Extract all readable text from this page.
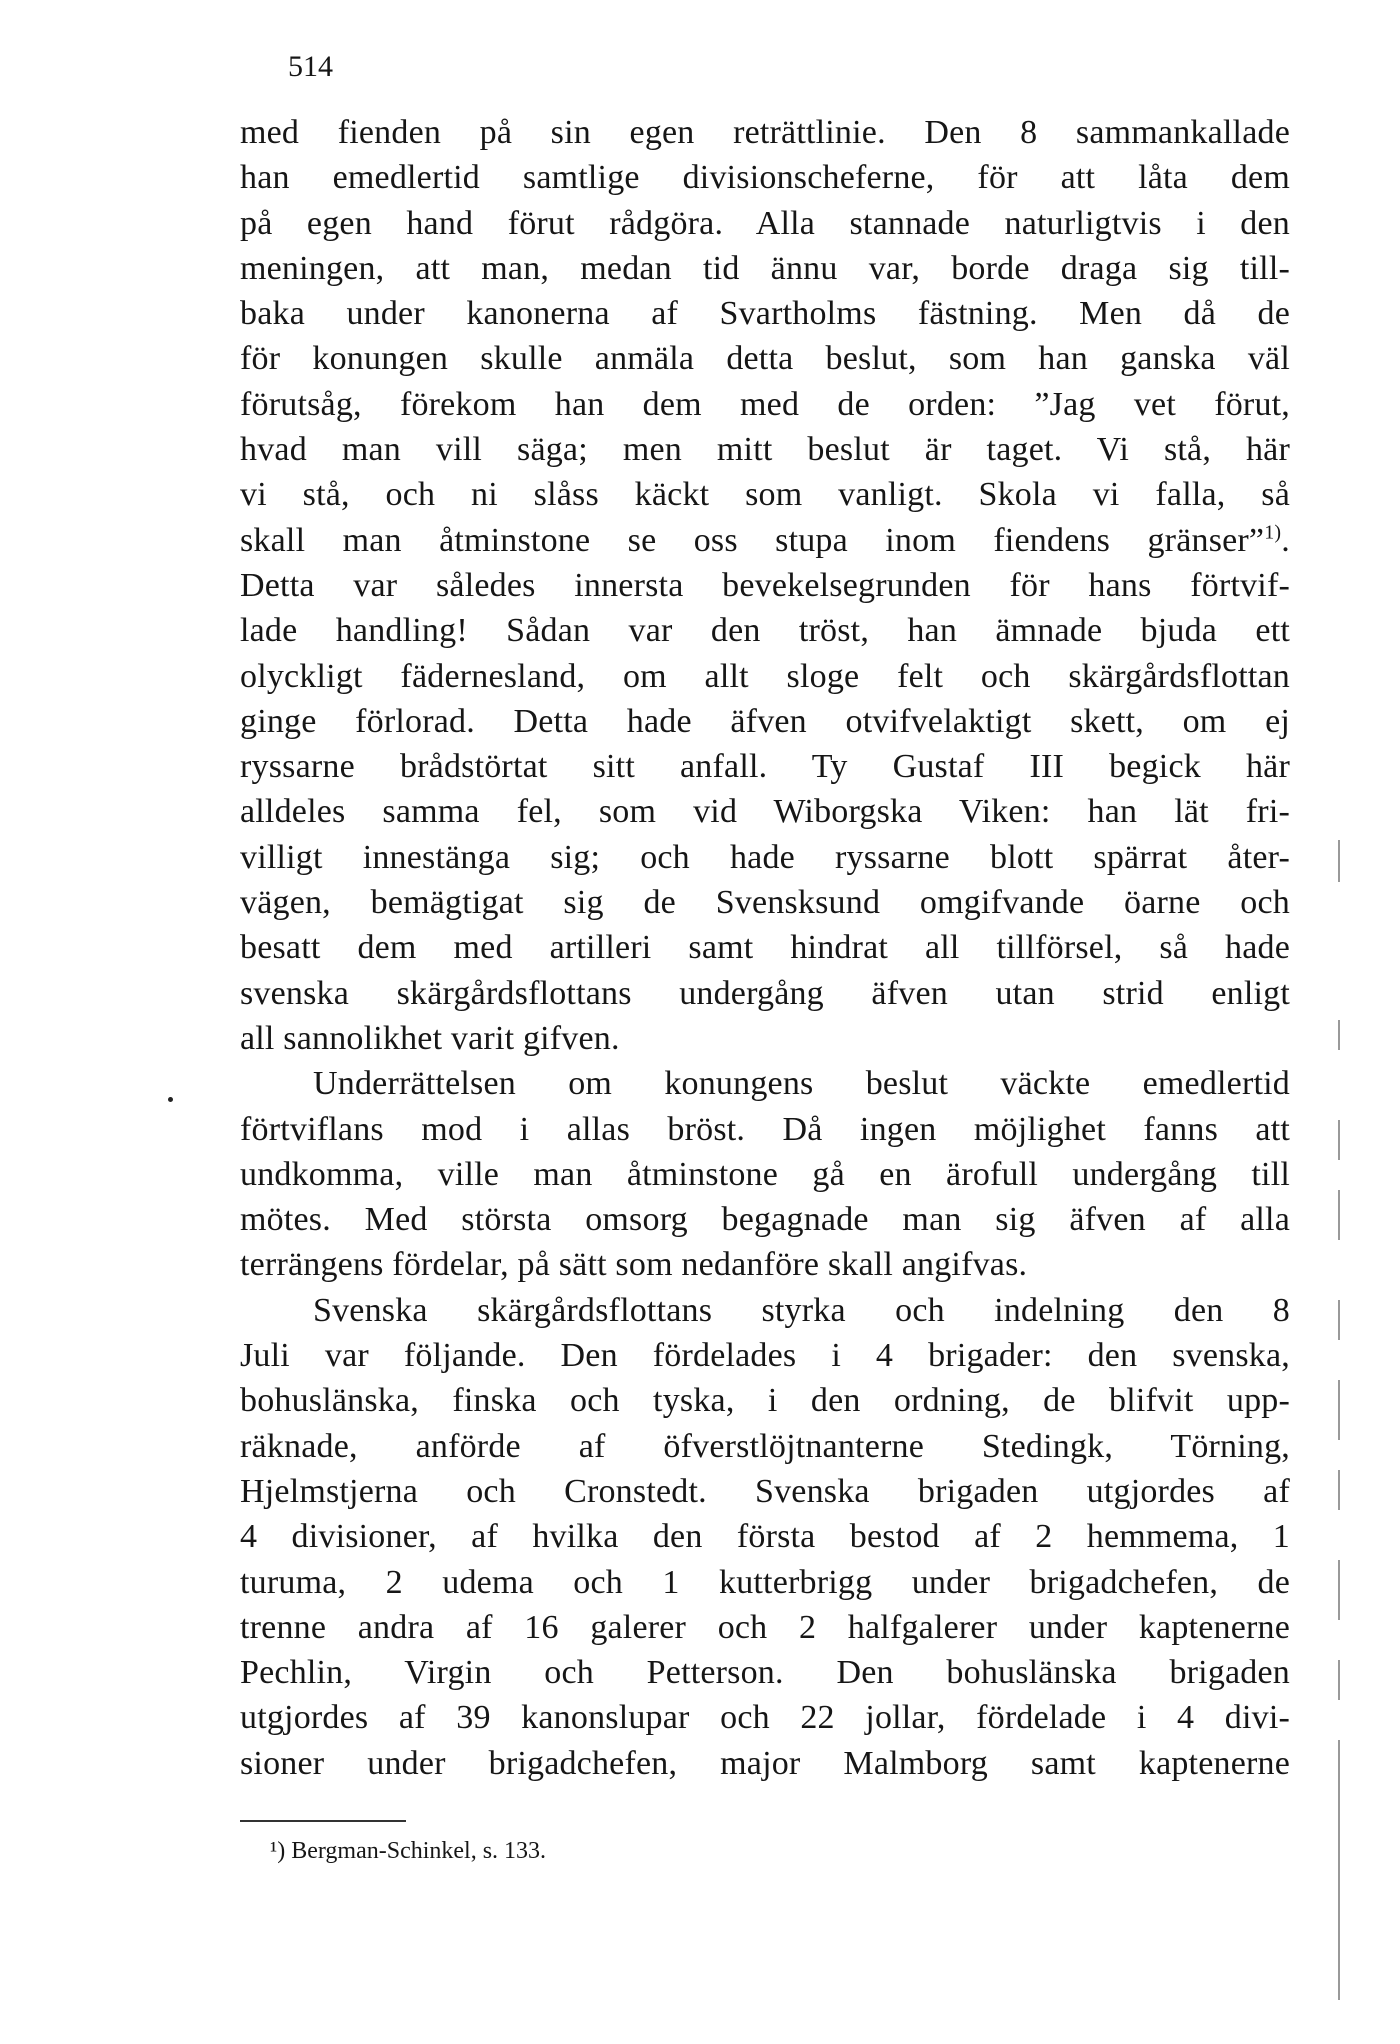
514
med fienden på sin egen reträttlinie. Den 8 sammankallade
han emedlertid samtlige divisionscheferne, för att låta dem
på egen hand förut rådgöra. Alla stannade naturligtvis i den
meningen, att man, medan tid ännu var, borde draga sig till-
baka under kanonerna af Svartholms fästning. Men då de
för konungen skulle anmäla detta beslut, som han ganska väl
förutsåg, förekom han dem med de orden: ”Jag vet förut,
hvad man vill säga; men mitt beslut är taget. Vi stå, här
vi stå, och ni slåss käckt som vanligt. Skola vi falla, så
skall man åtminstone se oss stupa inom fiendens gränser”$^{1)}$.
Detta var således innersta bevekelsegrunden för hans förtvif-
lade handling! Sådan var den tröst, han ämnade bjuda ett
olyckligt fäderneslаnd, om allt sloge felt och skärgårdsflottan
ginge förlorad. Detta hade äfven otvifvelaktigt skett, om ej
ryssarne brådstörtat sitt anfall. Ty Gustaf III begick här
alldeles samma fel, som vid Wiborgska Viken: han lät fri-
villigt innestänga sig; och hade ryssarne blott spärrat åter-
vägen, bemägtigat sig de Svensksund omgifvande öarne och
besatt dem med artilleri samt hindrat all tillförsel, så hade
svenska skärgårdsflottans undergång äfven utan strid enligt
all sannolikhet varit gifven.
Underrättelsen om konungens beslut väckte emedlertid
förtviflans mod i allas bröst. Då ingen möjlighet fanns att
undkomma, ville man åtminstone gå en ärofull undergång till
mötes. Med största omsorg begagnade man sig äfven af alla
terrängens fördelar, på sätt som nedanföre skall angifvas.
Svenska skärgårdsflottans styrka och indelning den 8
Juli var följande. Den fördelades i 4 brigader: den svenska,
bohuslänska, finska och tyska, i den ordning, de blifvit upp-
räknade, anförde af öfverstlöjtnanterne Stedingk, Törning,
Hjelmstjerna och Cronstedt. Svenska brigaden utgjordes af
4 divisioner, af hvilka den första bestod af 2 hemmema, 1
turuma, 2 udema och 1 kutterbrigg under brigadchefen, de
trenne andra af 16 galerer och 2 halfgalerer under kaptenerne
Pechlin, Virgin och Petterson. Den bohuslänska brigaden
utgjordes af 39 kanonslupar och 22 jollar, fördelade i 4 divi-
sioner under brigadchefen, major Malmborg samt kaptenerne
¹) Bergman-Schinkel, s. 133.
